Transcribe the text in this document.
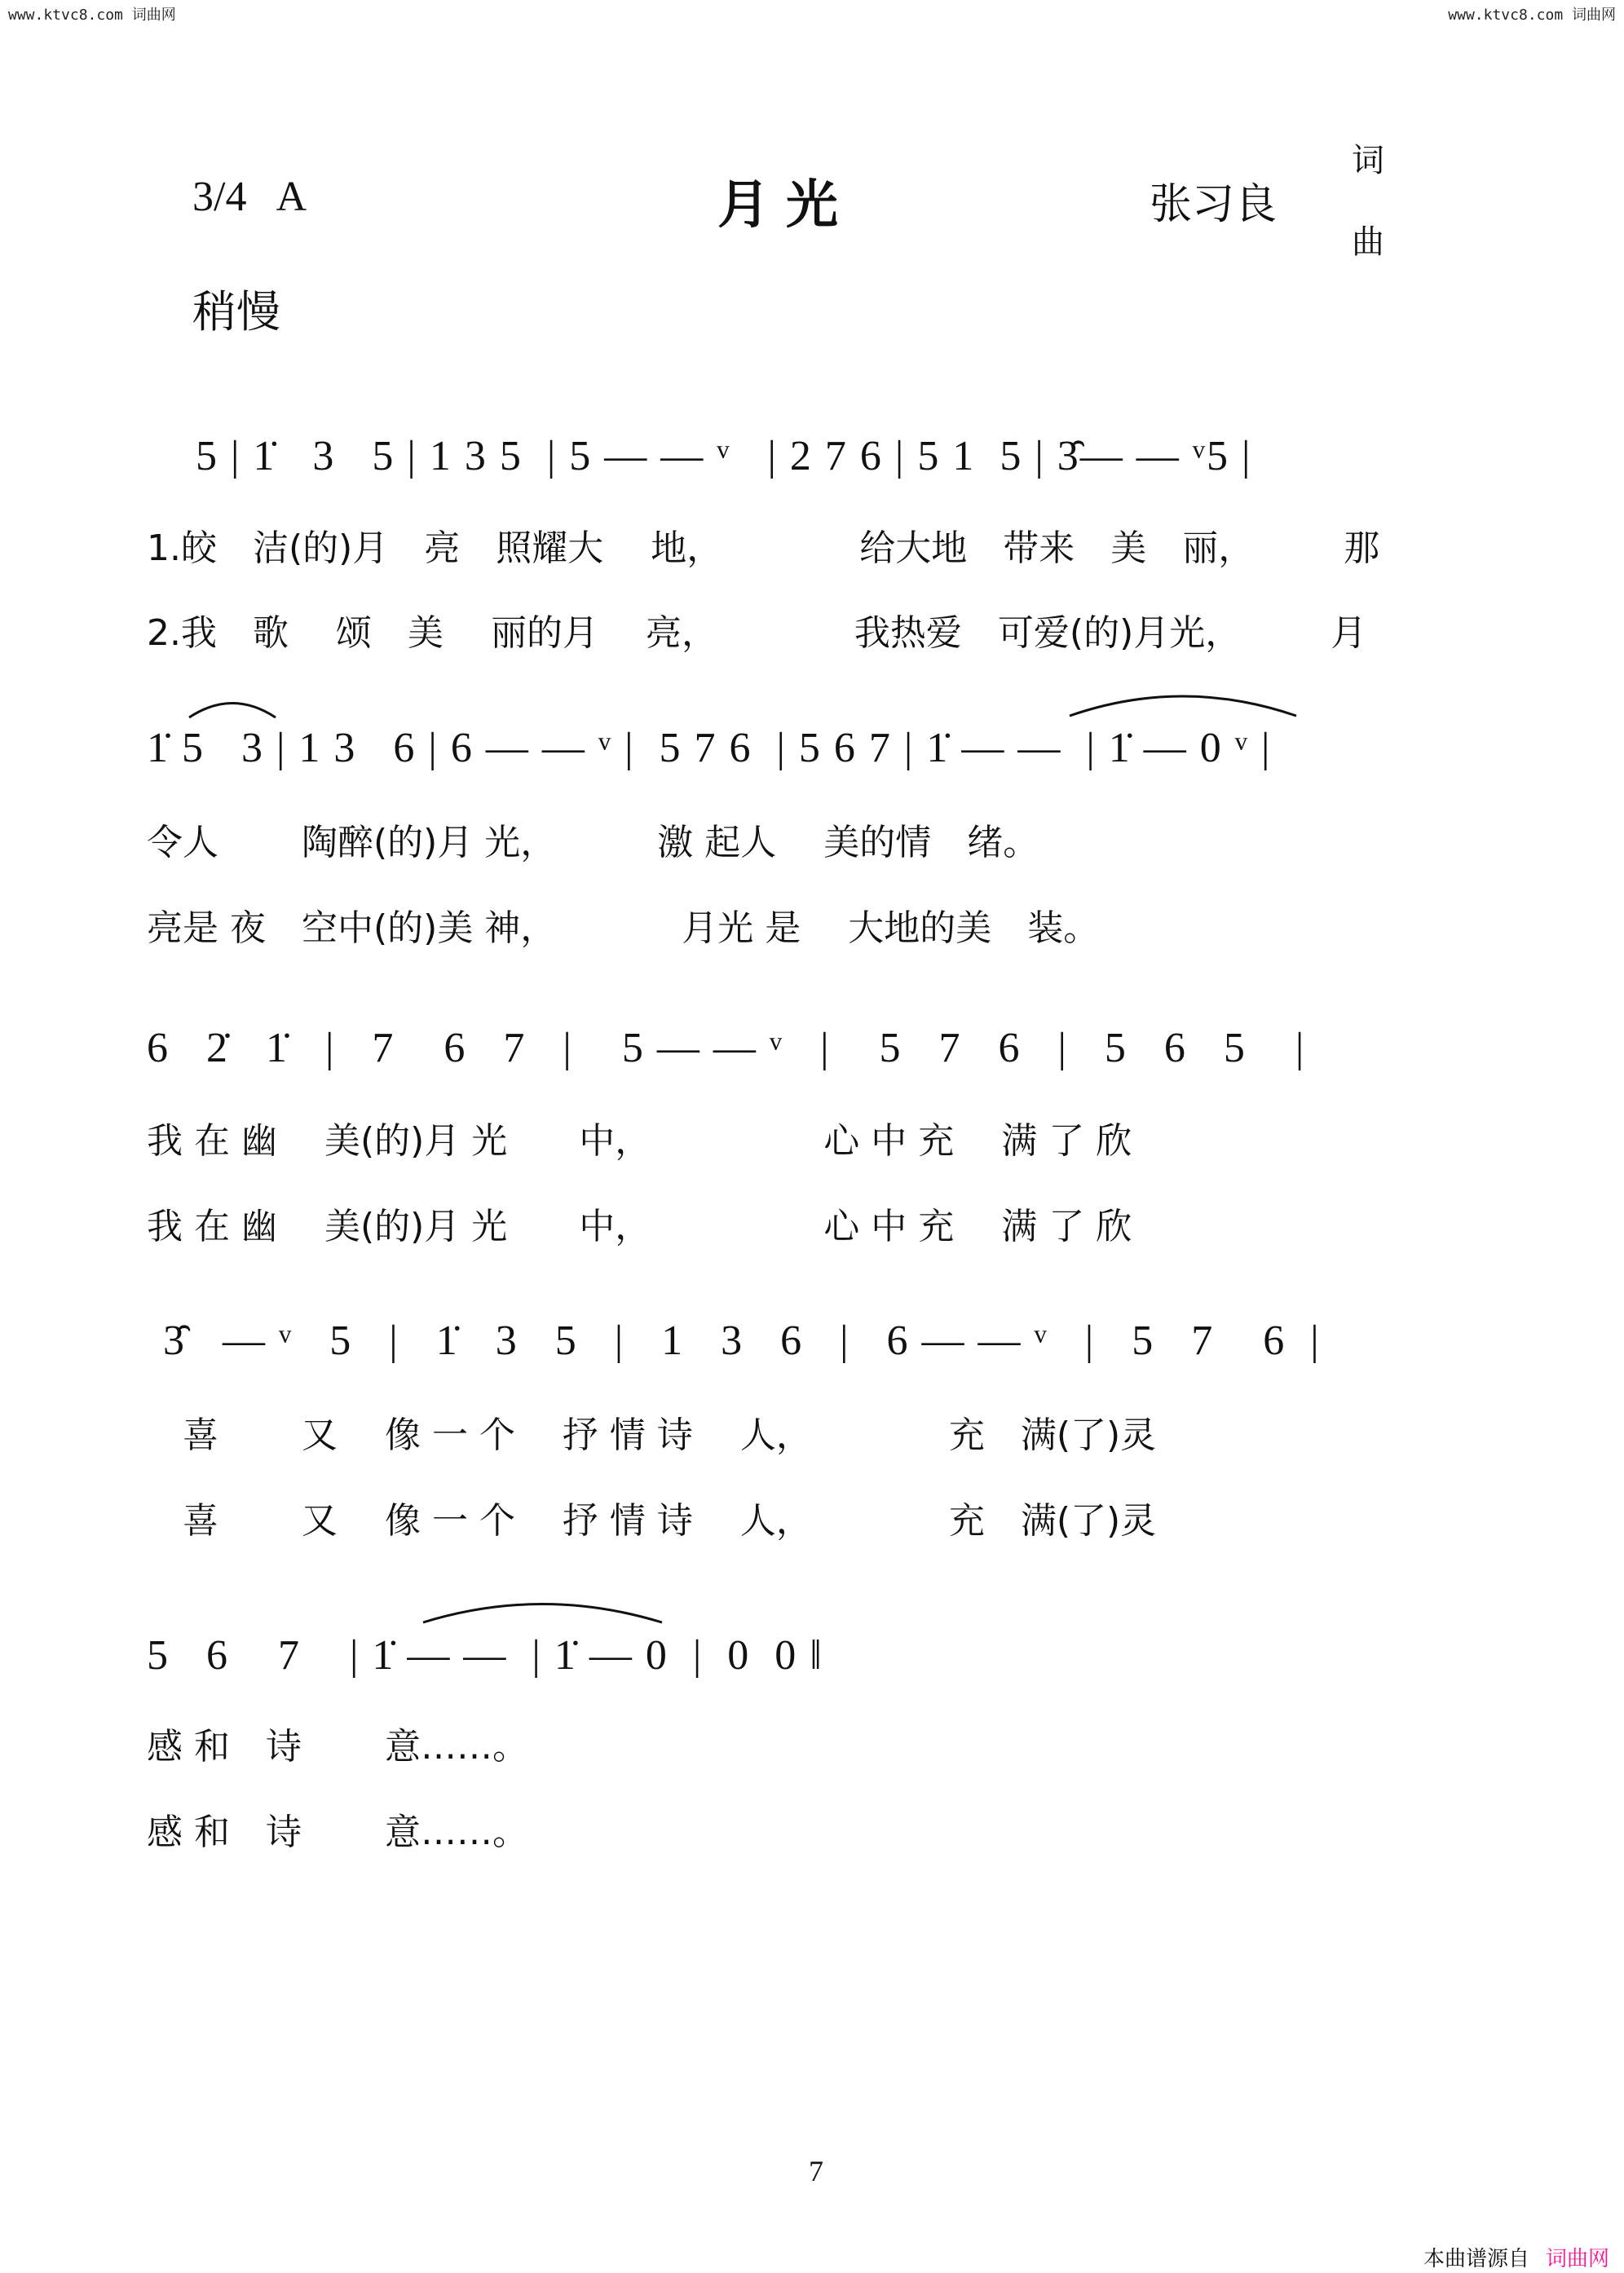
www.ktvc8.com 词曲网	www.ktvc8.com 词曲网
3/4   A	月光	张习良
词
曲
稍慢
5 | 1̇   3   5 | 1 3 5  | 5 — — ᵛ   | 2 7 6 | 5 1  5 | 3̑— — ᵛ5 |
1.皎　洁(的)月　亮　照耀大　 地，　　　　 给大地　带来　美　丽，　　　那
2.我　歌　 颂　美　 丽的月　 亮，　　　　 我热爱　可爱(的)月光，　　　月
1̇ 5   3 | 1 3   6 | 6 — — ᵛ |  5 7 6  | 5 6 7 | 1̇ — —  | 1̇ — 0 ᵛ |
令人　　 陶醉(的)月 光，　　　 激 起人　 美的情　绪。
亮是 夜　空中(的)美 神，　　　　月光 是　 大地的美　装。
6   2̇   1̇   |   7    6   7   |    5 — — ᵛ   |    5   7   6   |   5   6   5    |
我 在 幽　 美(的)月 光　　中，　　　　　 心 中 充　 满 了 欣
我 在 幽　 美(的)月 光　　中，　　　　　 心 中 充　 满 了 欣
3̑   — ᵛ   5   |   1̇   3   5   |   1   3   6   |   6 — — ᵛ   |   5   7    6  |
　喜　　 又　 像 一 个　 抒 情 诗　 人，　　　　 充　满(了)灵
　喜　　 又　 像 一 个　 抒 情 诗　 人，　　　　 充　满(了)灵
5   6    7    | 1̇ — —  | 1̇ — 0  |  0  0 ‖
感 和　诗　　 意……。
感 和　诗　　 意……。
7
本曲谱源自 词曲网
